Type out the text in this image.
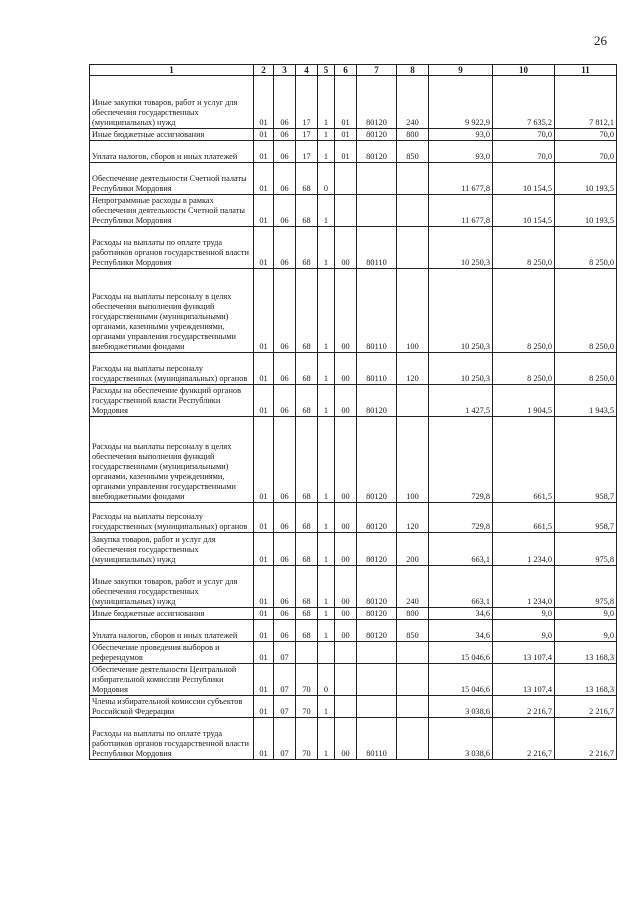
26
1	2	3	4	5	6	7	8	9	10	11
Иные закупки товаров, работ и услуг для обеспечения государственных (муниципальных) нужд	01	06	17	1	01	80120	240	9 922,9	7 635,2	7 812,1
Иные бюджетные ассигнования	01	06	17	1	01	80120	800	93,0	70,0	70,0
Уплата налогов, сборов и иных платежей	01	06	17	1	01	80120	850	93,0	70,0	70,0
Обеспечение деятельности Счетной палаты Республики Мордовия	01	06	68	0				11 677,8	10 154,5	10 193,5
Непрограммные расходы в рамках обеспечения деятельности Счетной палаты Республики Мордовия	01	06	68	1				11 677,8	10 154,5	10 193,5
Расходы на выплаты по оплате труда работников органов государственной власти Республики Мордовия	01	06	68	1	00	80110		10 250,3	8 250,0	8 250,0
Расходы на выплаты персоналу в целях обеспечения выполнения функций государственными (муниципальными) органами, казенными учреждениями, органами управления государственными внебюджетными фондами	01	06	68	1	00	80110	100	10 250,3	8 250,0	8 250,0
Расходы на выплаты персоналу государственных (муниципальных) органов	01	06	68	1	00	80110	120	10 250,3	8 250,0	8 250,0
Расходы на обеспечение функций органов государственной власти Республики Мордовия	01	06	68	1	00	80120		1 427,5	1 904,5	1 943,5
Расходы на выплаты персоналу в целях обеспечения выполнения функций государственными (муниципальными) органами, казенными учреждениями, органами управления государственными внебюджетными фондами	01	06	68	1	00	80120	100	729,8	661,5	958,7
Расходы на выплаты персоналу государственных (муниципальных) органов	01	06	68	1	00	80120	120	729,8	661,5	958,7
Закупка товаров, работ и услуг для обеспечения государственных (муниципальных) нужд	01	06	68	1	00	80120	200	663,1	1 234,0	975,8
Иные закупки товаров, работ и услуг для обеспечения государственных (муниципальных) нужд	01	06	68	1	00	80120	240	663,1	1 234,0	975,8
Иные бюджетные ассигнования	01	06	68	1	00	80120	800	34,6	9,0	9,0
Уплата налогов, сборов и иных платежей	01	06	68	1	00	80120	850	34,6	9,0	9,0
Обеспечение проведения выборов и референдумов	01	07						15 046,6	13 107,4	13 168,3
Обеспечение деятельности Центральной избирательной комиссии Республики Мордовия	01	07	70	0				15 046,6	13 107,4	13 168,3
Члены избирательной комиссии субъектов Российской Федерации	01	07	70	1				3 038,6	2 216,7	2 216,7
Расходы на выплаты по оплате труда работников органов государственной власти Республики Мордовия	01	07	70	1	00	80110		3 038,6	2 216,7	2 216,7
